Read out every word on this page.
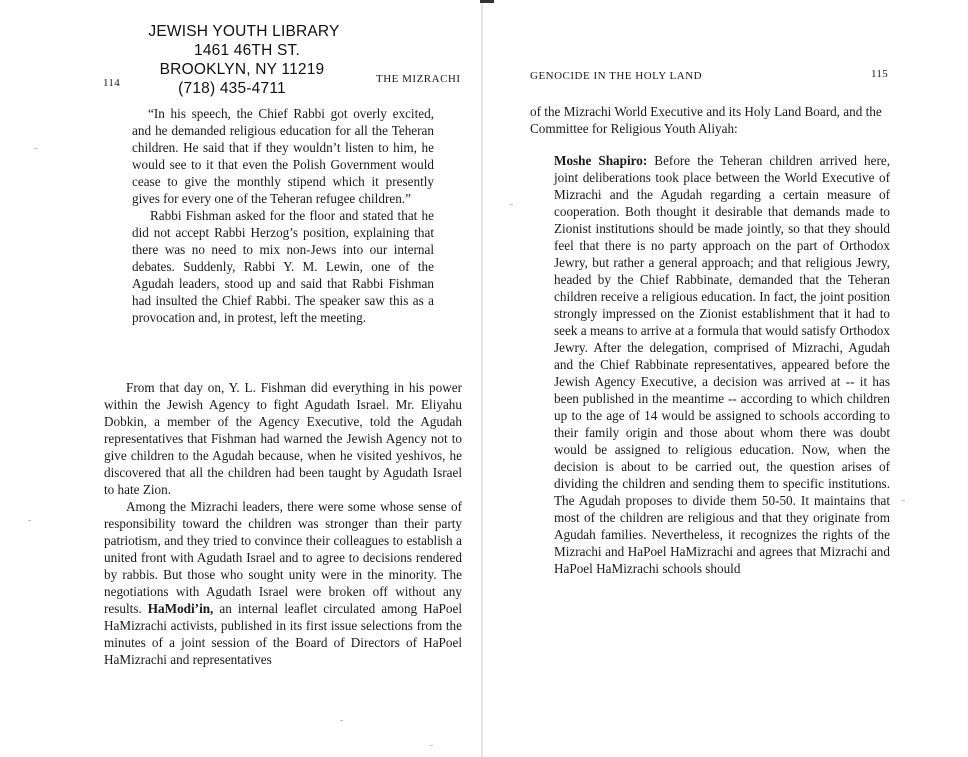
JEWISH YOUTH LIBRARY
1461 46TH ST.
BROOKLYN, NY 11219
(718) 435-4711
114	THE MIZRACHI

“In his speech, the Chief Rabbi got overly excited, and he demanded religious education for all the Teheran children. He said that if they wouldn’t listen to him, he would see to it that even the Polish Government would cease to give the monthly stipend which it presently gives for every one of the Teheran refugee children.”

Rabbi Fishman asked for the floor and stated that he did not accept Rabbi Herzog’s position, explaining that there was no need to mix non-Jews into our internal debates. Suddenly, Rabbi Y. M. Lewin, one of the Agudah leaders, stood up and said that Rabbi Fishman had insulted the Chief Rabbi. The speaker saw this as a provocation and, in protest, left the meeting.

From that day on, Y. L. Fishman did everything in his power within the Jewish Agency to fight Agudath Israel. Mr. Eliyahu Dobkin, a member of the Agency Executive, told the Agudah representatives that Fishman had warned the Jewish Agency not to give children to the Agudah because, when he visited yeshivos, he discovered that all the children had been taught by Agudath Israel to hate Zion.

Among the Mizrachi leaders, there were some whose sense of responsibility toward the children was stronger than their party patriotism, and they tried to convince their colleagues to establish a united front with Agudath Israel and to agree to decisions rendered by rabbis. But those who sought unity were in the minority. The negotiations with Agudath Israel were broken off without any results. HaModi’in, an internal leaflet circulated among HaPoel HaMizrachi activists, published in its first issue selections from the minutes of a joint session of the Board of Directors of HaPoel HaMizrachi and representatives

GENOCIDE IN THE HOLY LAND	115
of the Mizrachi World Executive and its Holy Land Board, and the Committee for Religious Youth Aliyah:

Moshe Shapiro: Before the Teheran children arrived here, joint deliberations took place between the World Executive of Mizrachi and the Agudah regarding a certain measure of cooperation. Both thought it desirable that demands made to Zionist institutions should be made jointly, so that they should feel that there is no party approach on the part of Orthodox Jewry, but rather a general approach; and that religious Jewry, headed by the Chief Rabbinate, demanded that the Teheran children receive a religious education. In fact, the joint position strongly impressed on the Zionist establishment that it had to seek a means to arrive at a formula that would satisfy Orthodox Jewry. After the delegation, comprised of Mizrachi, Agudah and the Chief Rabbinate representatives, appeared before the Jewish Agency Executive, a decision was arrived at -- it has been published in the meantime -- according to which children up to the age of 14 would be assigned to schools according to their family origin and those about whom there was doubt would be assigned to religious education. Now, when the decision is about to be carried out, the question arises of dividing the children and sending them to specific institutions. The Agudah proposes to divide them 50-50. It maintains that most of the children are religious and that they originate from Agudah families. Nevertheless, it recognizes the rights of the Mizrachi and HaPoel HaMizrachi and agrees that Mizrachi and HaPoel HaMizrachi schools should
